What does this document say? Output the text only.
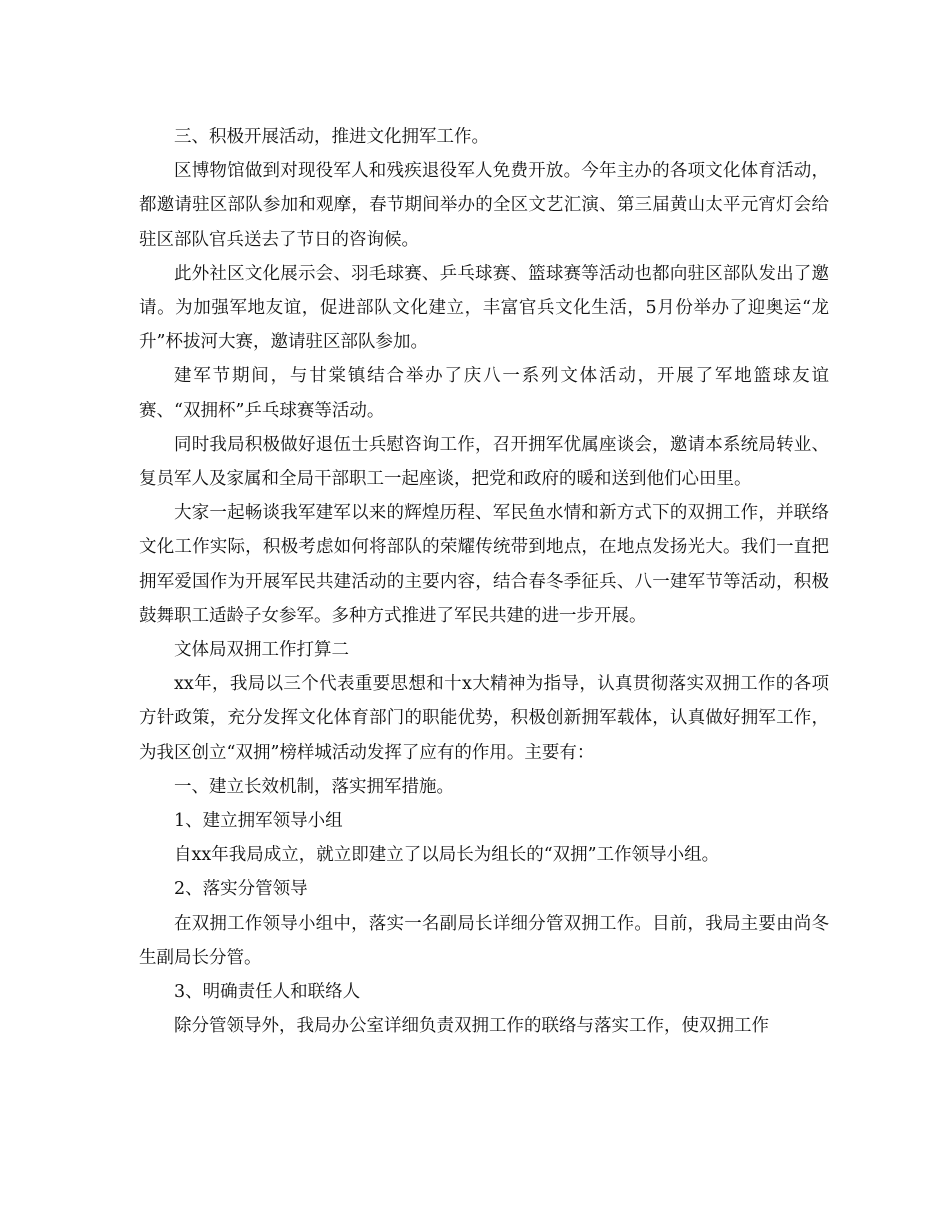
三、积极开展活动，推进文化拥军工作。

区博物馆做到对现役军人和残疾退役军人免费开放。今年主办的各项文化体育活动，都邀请驻区部队参加和观摩，春节期间举办的全区文艺汇演、第三届黄山太平元宵灯会给驻区部队官兵送去了节日的咨询候。

此外社区文化展示会、羽毛球赛、乒乓球赛、篮球赛等活动也都向驻区部队发出了邀请。为加强军地友谊，促进部队文化建立，丰富官兵文化生活，5月份举办了迎奥运“龙升”杯拔河大赛，邀请驻区部队参加。

建军节期间，与甘棠镇结合举办了庆八一系列文体活动，开展了军地篮球友谊赛、“双拥杯”乒乓球赛等活动。

同时我局积极做好退伍士兵慰咨询工作，召开拥军优属座谈会，邀请本系统局转业、复员军人及家属和全局干部职工一起座谈，把党和政府的暖和送到他们心田里。

大家一起畅谈我军建军以来的辉煌历程、军民鱼水情和新方式下的双拥工作，并联络文化工作实际，积极考虑如何将部队的荣耀传统带到地点，在地点发扬光大。我们一直把拥军爱国作为开展军民共建活动的主要内容，结合春冬季征兵、八一建军节等活动，积极鼓舞职工适龄子女参军。多种方式推进了军民共建的进一步开展。

文体局双拥工作打算二

xx年，我局以三个代表重要思想和十x大精神为指导，认真贯彻落实双拥工作的各项方针政策，充分发挥文化体育部门的职能优势，积极创新拥军载体，认真做好拥军工作，为我区创立“双拥”榜样城活动发挥了应有的作用。主要有：

一、建立长效机制，落实拥军措施。

1、建立拥军领导小组

自xx年我局成立，就立即建立了以局长为组长的“双拥”工作领导小组。

2、落实分管领导

在双拥工作领导小组中，落实一名副局长详细分管双拥工作。目前，我局主要由尚冬生副局长分管。

3、明确责任人和联络人

除分管领导外，我局办公室详细负责双拥工作的联络与落实工作，使双拥工作
